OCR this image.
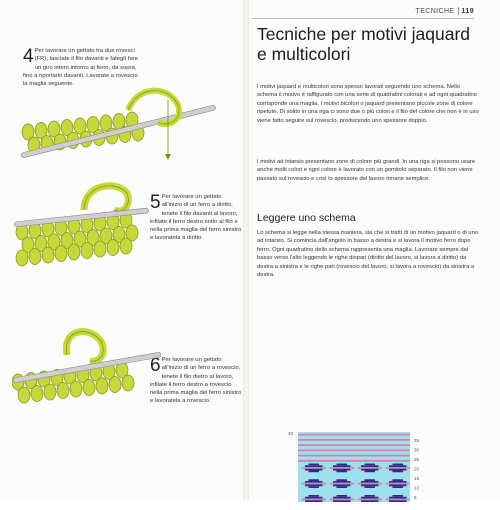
TECNICHE 119
Tecniche per motivi jaquard e multicolori

I motivi jaquard e multicolori sono spesso lavorati seguendo uno schema. Nello schema il motivo è raffigurato con una serie di quadratini colorati e ad ogni quadratino corrisponde una maglia. I motivi bicolori o jaquard presentano piccole zone di colore ripetute. Di solito in una riga ci sono due o più colori e il filo del colore che non è in uso viene fatto seguire sul rovescio, producendo uno spessore doppio.

I motivi ad intarsio presentano zone di colore più grandi. In una riga si possono usare anche molti colori e ogni colore è lavorato con un gomitolo separato. Il filo non viene passato sul rovescio e così lo spessore del lavoro rimane semplice.

Leggere uno schema

Lo schema si legge nella stessa maniera, sia che si tratti di un motivo jaquard o di uno ad intarsio. Si comincia dall'angolo in basso a destra e si lavora il motivo ferro dopo ferro. Ogni quadratino dello schema rappresenta una maglia. Lavorare sempre dal basso verso l'alto leggendo le righe dispari (diritto del lavoro, si lavora a diritto) da destra a sinistra e le righe pari (rovescio del lavoro, si lavora a rovescio) da sinistra a destra.

4 Per lavorare un gettato tra due rovesci (FR), lasciate il filo davanti e fateglì fare un giro intero intorno al ferro, da sopra, fino a riportarlo davanti. Lavorate a rovescio la maglia seguente.

5 Per lavorare un gettato all'inizio di un ferro a diritto, tenete il filo davanti al lavoro, infilate il ferro destro sotto al filo e nella prima maglia del ferro sinistro e lavoratela a diritto.

6 Per lavorare un gettato all'inizio di un ferro a rovescio, tenete il filo dietro al lavoro, infilate il ferro destro a rovescio nella prima maglia del ferro sinistro e lavoratela a rovescio.

40
35
30
25
20
15
10
5
